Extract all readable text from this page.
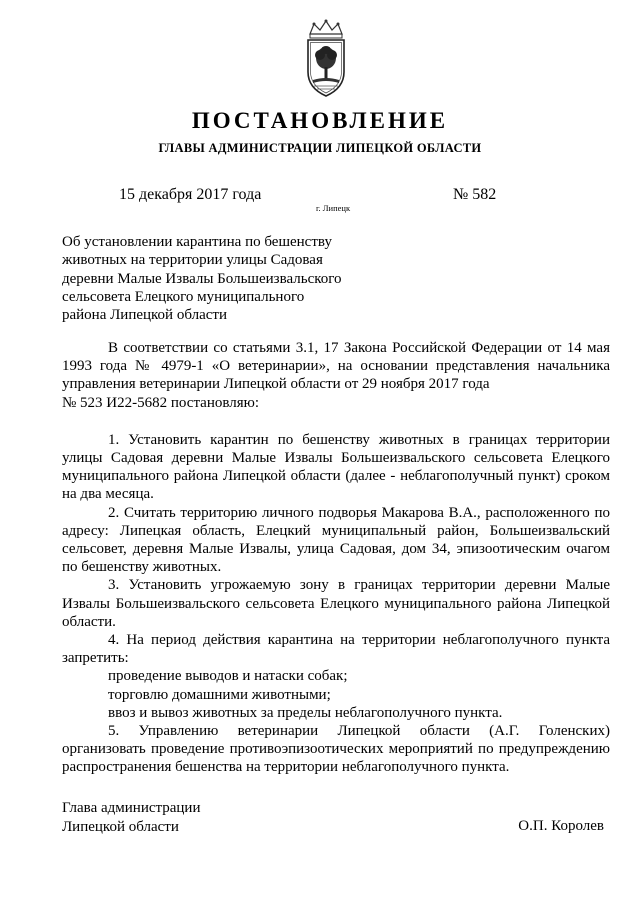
ПОСТАНОВЛЕНИЕ
ГЛАВЫ АДМИНИСТРАЦИИ ЛИПЕЦКОЙ ОБЛАСТИ
15 декабря 2017 года
г. Липецк
№ 582
Об установлении карантина по бешенству
животных на территории улицы Садовая
деревни Малые Извалы Большеизвальского
сельсовета Елецкого муниципального
района Липецкой области

В соответствии со статьями 3.1, 17 Закона Российской Федерации от 14 мая 1993 года № 4979-1 «О ветеринарии», на основании представления начальника управления ветеринарии Липецкой области от 29 ноября 2017 года

№ 523 И22-5682 постановляю:

1. Установить карантин по бешенству животных в границах территории улицы Садовая деревни Малые Извалы Большеизвальского сельсовета Елецкого муниципального района Липецкой области (далее - неблагополучный пункт) сроком на два месяца.

2. Считать территорию личного подворья Макарова В.А., расположенного по адресу: Липецкая область, Елецкий муниципальный район, Большеизвальский сельсовет, деревня Малые Извалы, улица Садовая, дом 34, эпизоотическим очагом по бешенству животных.

3. Установить угрожаемую зону в границах территории деревни Малые Извалы Большеизвальского сельсовета Елецкого муниципального района Липецкой области.

4. На период действия карантина на территории неблагополучного пункта запретить:

проведение выводов и натаски собак;

торговлю домашними животными;

ввоз и вывоз животных за пределы неблагополучного пункта.

5. Управлению ветеринарии Липецкой области (А.Г. Голенских)

организовать проведение противоэпизоотических мероприятий по предупреждению

распространения бешенства на территории неблагополучного пункта.

Глава администрации
Липецкой области	О.П. Королев
